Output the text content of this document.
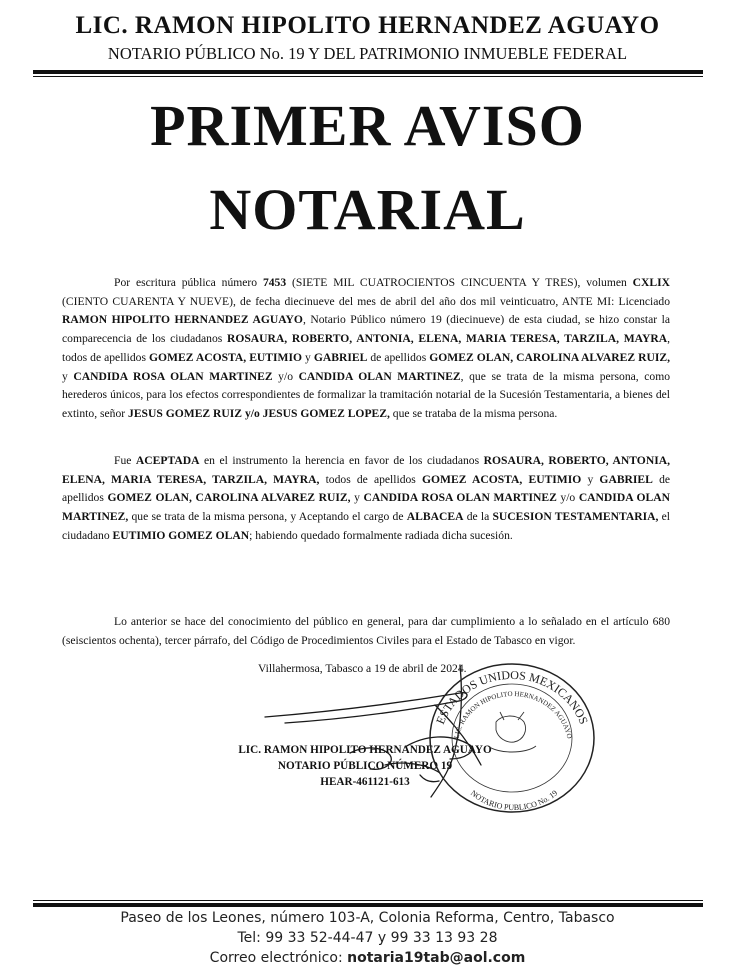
LIC. RAMON HIPOLITO HERNANDEZ AGUAYO
NOTARIO PÚBLICO No. 19 Y DEL PATRIMONIO INMUEBLE FEDERAL
PRIMER AVISO
NOTARIAL
Por escritura pública número 7453 (SIETE MIL CUATROCIENTOS CINCUENTA Y TRES), volumen CXLIX (CIENTO CUARENTA Y NUEVE), de fecha diecinueve del mes de abril del año dos mil veinticuatro, ANTE MI: Licenciado RAMON HIPOLITO HERNANDEZ AGUAYO, Notario Público número 19 (diecinueve) de esta ciudad, se hizo constar la comparecencia de los ciudadanos ROSAURA, ROBERTO, ANTONIA, ELENA, MARIA TERESA, TARZILA, MAYRA, todos de apellidos GOMEZ ACOSTA, EUTIMIO y GABRIEL de apellidos GOMEZ OLAN, CAROLINA ALVAREZ RUIZ, y CANDIDA ROSA OLAN MARTINEZ y/o CANDIDA OLAN MARTINEZ, que se trata de la misma persona, como herederos únicos, para los efectos correspondientes de formalizar la tramitación notarial de la Sucesión Testamentaria, a bienes del extinto, señor JESUS GOMEZ RUIZ y/o JESUS GOMEZ LOPEZ, que se trataba de la misma persona.
Fue ACEPTADA en el instrumento la herencia en favor de los ciudadanos ROSAURA, ROBERTO, ANTONIA, ELENA, MARIA TERESA, TARZILA, MAYRA, todos de apellidos GOMEZ ACOSTA, EUTIMIO y GABRIEL de apellidos GOMEZ OLAN, CAROLINA ALVAREZ RUIZ, y CANDIDA ROSA OLAN MARTINEZ y/o CANDIDA OLAN MARTINEZ, que se trata de la misma persona, y Aceptando el cargo de ALBACEA de la SUCESION TESTAMENTARIA, el ciudadano EUTIMIO GOMEZ OLAN; habiendo quedado formalmente radiada dicha sucesión.
Lo anterior se hace del conocimiento del público en general, para dar cumplimiento a lo señalado en el artículo 680 (seiscientos ochenta), tercer párrafo, del Código de Procedimientos Civiles para el Estado de Tabasco en vigor.
Villahermosa, Tabasco a 19 de abril de 2024.
LIC. RAMON HIPOLITO HERNANDEZ AGUAYO
NOTARIO PÚBLICO NÚMERO 19
HEAR-461121-613
ESTADOS UNIDOS MEXICANOS
LIC. RAMON HIPOLITO HERNANDEZ AGUAYO
NOTARIO PUBLICO No. 19
Paseo de los Leones, número 103-A, Colonia Reforma, Centro, Tabasco
Tel: 99 33 52-44-47 y 99 33 13 93 28
Correo electrónico: notaria19tab@aol.com
